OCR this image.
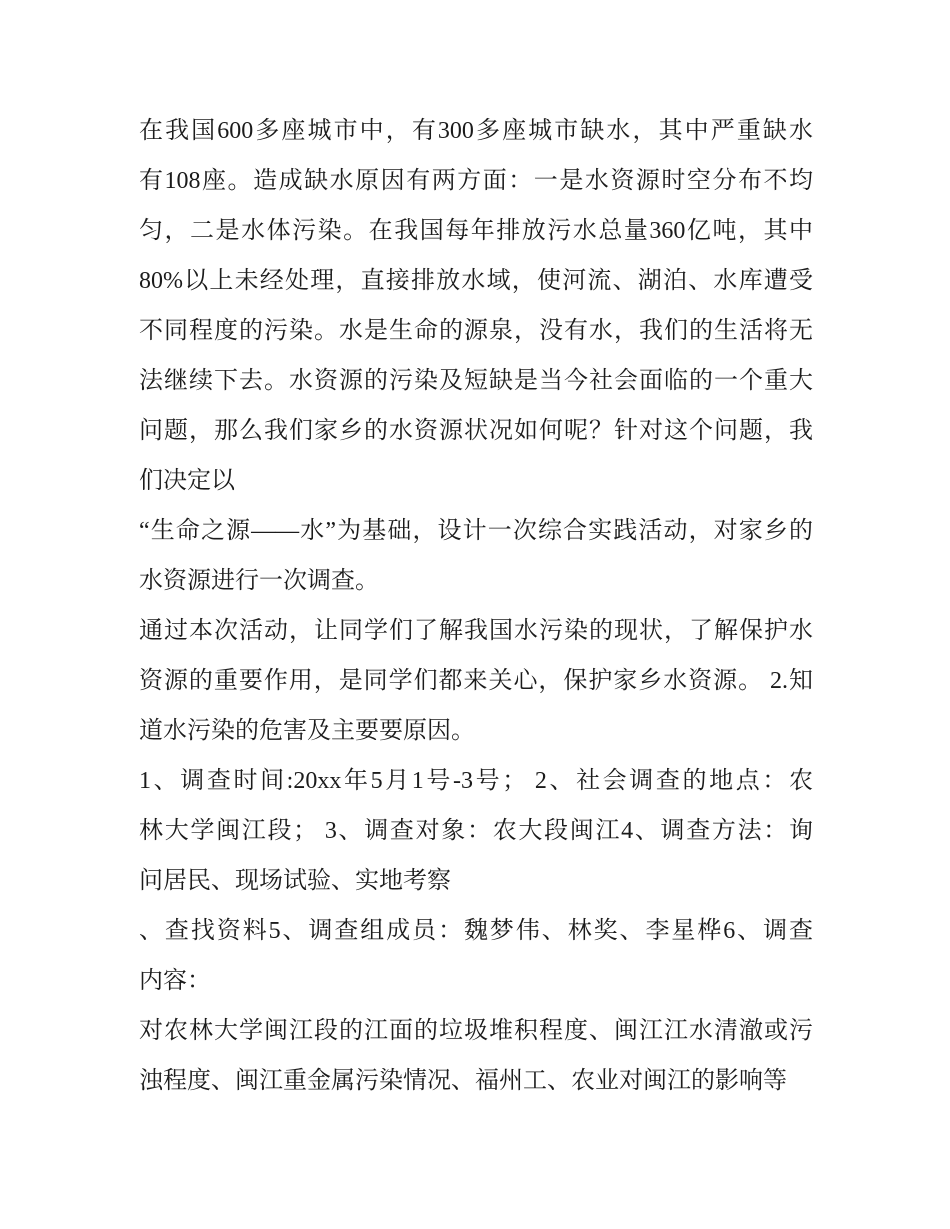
在我国600多座城市中，有300多座城市缺水，其中严重缺水
有108座。造成缺水原因有两方面：一是水资源时空分布不均
匀，二是水体污染。在我国每年排放污水总量360亿吨，其中
80%以上未经处理，直接排放水域，使河流、湖泊、水库遭受
不同程度的污染。水是生命的源泉，没有水，我们的生活将无
法继续下去。水资源的污染及短缺是当今社会面临的一个重大
问题，那么我们家乡的水资源状况如何呢？针对这个问题，我
们决定以
“生命之源——水”为基础，设计一次综合实践活动，对家乡的
水资源进行一次调查。
通过本次活动，让同学们了解我国水污染的现状，了解保护水
资源的重要作用，是同学们都来关心，保护家乡水资源。 2.知
道水污染的危害及主要要原因。
1、调查时间:20xx年5月1号-3号； 2、社会调查的地点：农
林大学闽江段； 3、调查对象：农大段闽江4、调查方法：询
问居民、现场试验、实地考察
、查找资料5、调查组成员：魏梦伟、林奖、李星桦6、调查
内容：
对农林大学闽江段的江面的垃圾堆积程度、闽江江水清澈或污
浊程度、闽江重金属污染情况、福州工、农业对闽江的影响等
